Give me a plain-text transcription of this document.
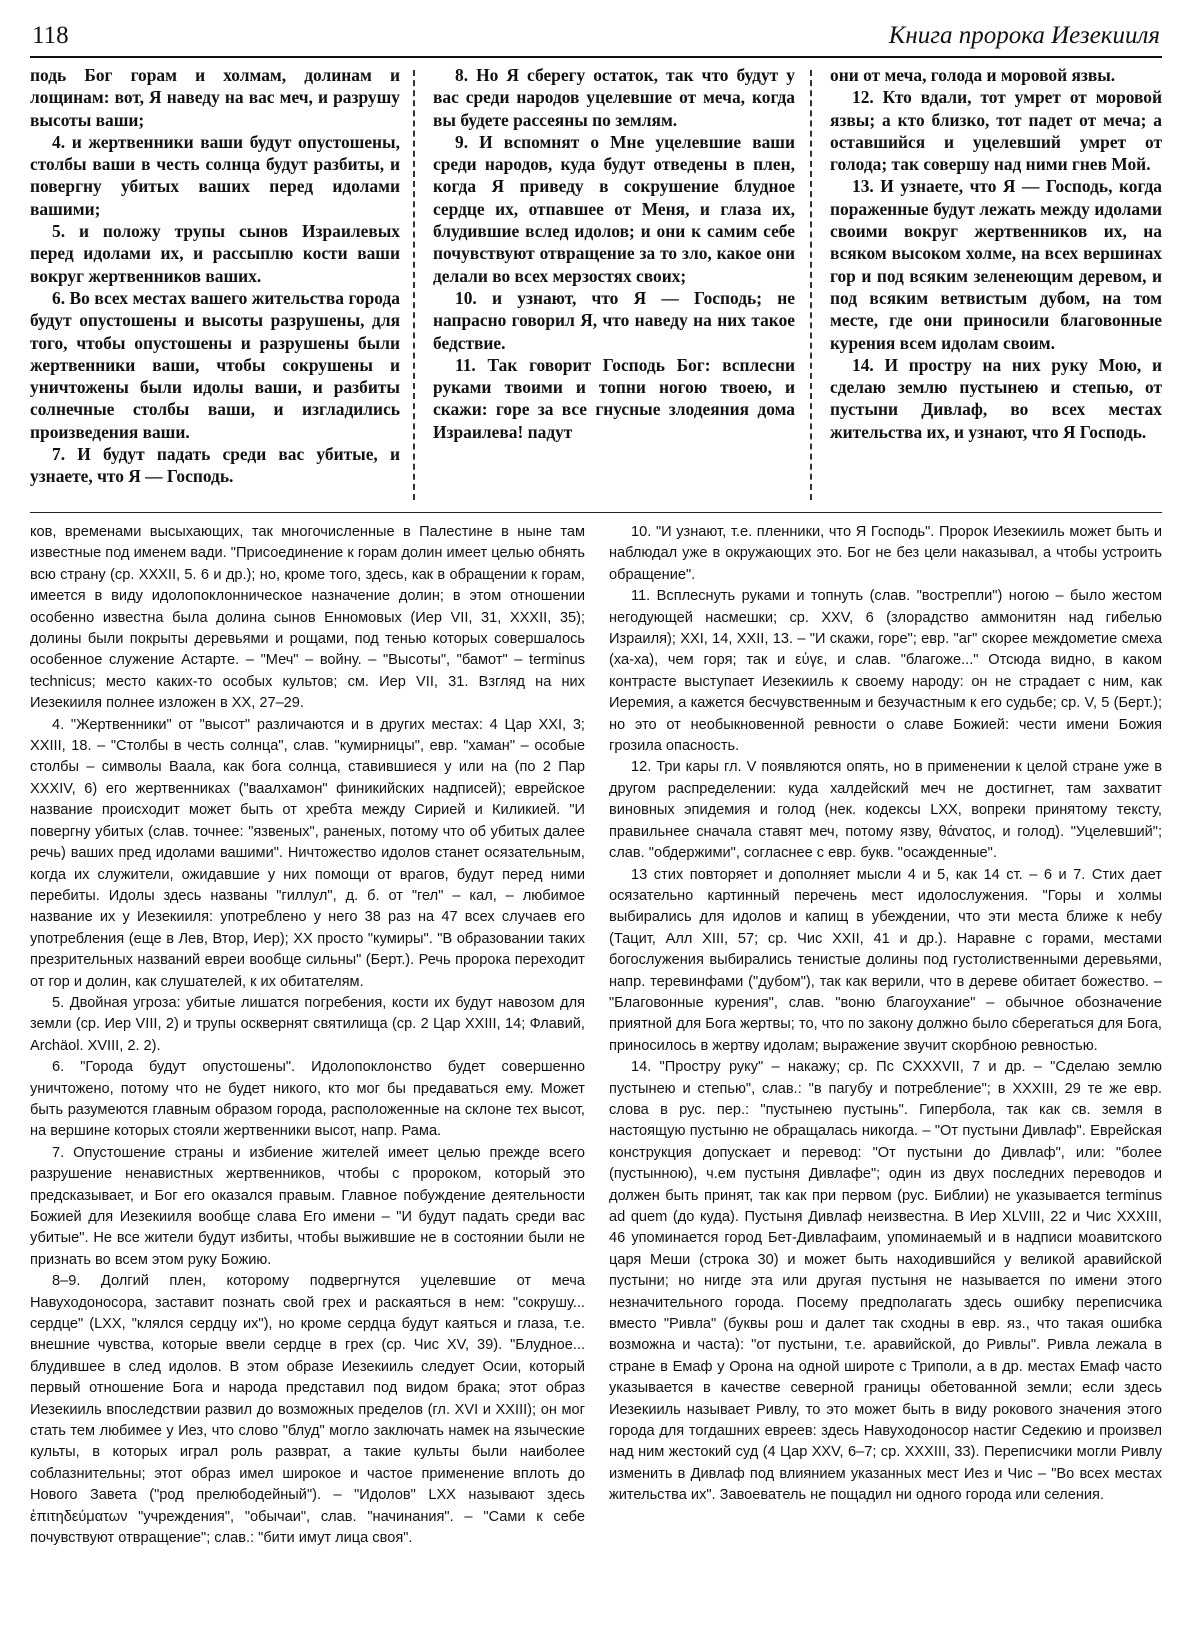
118	Книга пророка Иезекииля

подь Бог горам и холмам, долинам и лощинам: вот, Я наведу на вас меч, и разрушу высоты ваши;

4. и жертвенники ваши будут опустошены, столбы ваши в честь солнца будут разбиты, и повергну убитых ваших перед идолами вашими;

5. и положу трупы сынов Израилевых перед идолами их, и рассыплю кости ваши вокруг жертвенников ваших.

6. Во всех местах вашего жительства города будут опустошены и высоты разрушены, для того, чтобы опустошены и разрушены были жертвенники ваши, чтобы сокрушены и уничтожены были идолы ваши, и разбиты солнечные столбы ваши, и изгладились произведения ваши.

7. И будут падать среди вас убитые, и узнаете, что Я — Господь.

8. Но Я сберегу остаток, так что будут у вас среди народов уцелевшие от меча, когда вы будете рассеяны по землям.

9. И вспомнят о Мне уцелевшие ваши среди народов, куда будут отведены в плен, когда Я приведу в сокрушение блудное сердце их, отпавшее от Меня, и глаза их, блудившие вслед идолов; и они к самим себе почувствуют отвращение за то зло, какое они делали во всех мерзостях своих;

10. и узнают, что Я — Господь; не напрасно говорил Я, что наведу на них такое бедствие.

11. Так говорит Господь Бог: всплесни руками твоими и топни ногою твоею, и скажи: горе за все гнусные злодеяния дома Израилева! падут

они от меча, голода и моровой язвы.

12. Кто вдали, тот умрет от моровой язвы; а кто близко, тот падет от меча; а оставшийся и уцелевший умрет от голода; так совершу над ними гнев Мой.

13. И узнаете, что Я — Господь, когда пораженные будут лежать между идолами своими вокруг жертвенников их, на всяком высоком холме, на всех вершинах гор и под всяким зеленеющим деревом, и под всяким ветвистым дубом, на том месте, где они приносили благовонные курения всем идолам своим.

14. И простру на них руку Мою, и сделаю землю пустынею и степью, от пустыни Дивлаф, во всех местах жительства их, и узнают, что Я Господь.

ков, временами высыхающих, так многочисленные в Палестине в ныне там известные под именем вади. "Присоединение к горам долин имеет целью обнять всю страну (ср. XXXII, 5. 6 и др.); но, кроме того, здесь, как в обращении к горам, имеется в виду идолопоклонническое назначение долин; в этом отношении особенно известна была долина сынов Енномовых (Иер VII, 31, XXXII, 35); долины были покрыты деревьями и рощами, под тенью которых совершалось особенное служение Астарте. – "Меч" – войну. – "Высоты", "бамот" – terminus technicus; место каких-то особых культов; см. Иер VII, 31. Взгляд на них Иезекииля полнее изложен в XX, 27–29.

4. "Жертвенники" от "высот" различаются и в других местах: 4 Цар XXI, 3; XXIII, 18. – "Столбы в честь солнца", слав. "кумирницы", евр. "хаман" – особые столбы – символы Ваала, как бога солнца, ставившиеся у или на (по 2 Пар XXXIV, 6) его жертвенниках ("ваалхамон" финикийских надписей); еврейское название происходит может быть от хребта между Сирией и Киликией. "И повергну убитых (слав. точнее: "язвеных", раненых, потому что об убитых далее речь) ваших пред идолами вашими". Ничтожество идолов станет осязательным, когда их служители, ожидавшие у них помощи от врагов, будут перед ними перебиты. Идолы здесь названы "гиллул", д. б. от "гел" – кал, – любимое название их у Иезекииля: употреблено у него 38 раз на 47 всех случаев его употребления (еще в Лев, Втор, Иер); XX просто "кумиры". "В образовании таких презрительных названий евреи вообще сильны" (Берт.). Речь пророка переходит от гор и долин, как слушателей, к их обитателям.

5. Двойная угроза: убитые лишатся погребения, кости их будут навозом для земли (ср. Иер VIII, 2) и трупы осквернят святилища (ср. 2 Цар XXIII, 14; Флавий, Archäol. XVIII, 2. 2).

6. "Города будут опустошены". Идолопоклонство будет совершенно уничтожено, потому что не будет никого, кто мог бы предаваться ему. Может быть разумеются главным образом города, расположенные на склоне тех высот, на вершине которых стояли жертвенники высот, напр. Рама.

7. Опустошение страны и избиение жителей имеет целью прежде всего разрушение ненавистных жертвенников, чтобы с пророком, который это предсказывает, и Бог его оказался правым. Главное побуждение деятельности Божией для Иезекииля вообще слава Его имени – "И будут падать среди вас убитые". Не все жители будут избиты, чтобы выжившие не в состоянии были не признать во всем этом руку Божию.

8–9. Долгий плен, которому подвергнутся уцелевшие от меча Навуходоносора, заставит познать свой грех и раскаяться в нем: "сокрушу... сердце" (LXX, "клялся сердцу их"), но кроме сердца будут каяться и глаза, т.е. внешние чувства, которые ввели сердце в грех (ср. Чис XV, 39). "Блудное... блудившее в след идолов. В этом образе Иезекииль следует Осии, который первый отношение Бога и народа представил под видом брака; этот образ Иезекииль впоследствии развил до возможных пределов (гл. XVI и XXIII); он мог стать тем любимее у Иез, что слово "блуд" могло заключать намек на языческие культы, в которых играл роль разврат, а такие культы были наиболее соблазнительны; этот образ имел широкое и частое применение вплоть до Нового Завета ("род прелюбодейный"). – "Идолов" LXX называют здесь ἐπιτηδεύματων "учреждения", "обычаи", слав. "начинания". – "Сами к себе почувствуют отвращение"; слав.: "бити имут лица своя".

10. "И узнают, т.е. пленники, что Я Господь". Пророк Иезекииль может быть и наблюдал уже в окружающих это. Бог не без цели наказывал, а чтобы устроить обращение".

11. Всплеснуть руками и топнуть (слав. "вострепли") ногою – было жестом негодующей насмешки; ср. XXV, 6 (злорадство аммонитян над гибелью Израиля); XXI, 14, XXII, 13. – "И скажи, горе"; евр. "аг" скорее междометие смеха (ха-ха), чем горя; так и εὐγε, и слав. "благоже..." Отсюда видно, в каком контрасте выступает Иезекииль к своему народу: он не страдает с ним, как Иеремия, а кажется бесчувственным и безучастным к его судьбе; ср. V, 5 (Берт.); но это от необыкновенной ревности о славе Божией: чести имени Божия грозила опасность.

12. Три кары гл. V появляются опять, но в применении к целой стране уже в другом распределении: куда халдейский меч не достигнет, там захватит виновных эпидемия и голод (нек. кодексы LXX, вопреки принятому тексту, правильнее сначала ставят меч, потому язву, θάνατος, и голод). "Уцелевший"; слав. "обдержими", согласнее с евр. букв. "осажденные".

13 стих повторяет и дополняет мысли 4 и 5, как 14 ст. – 6 и 7. Стих дает осязательно картинный перечень мест идолослужения. "Горы и холмы выбирались для идолов и капищ в убеждении, что эти места ближе к небу (Тацит, Алл XIII, 57; ср. Чис XXII, 41 и др.). Наравне с горами, местами богослужения выбирались тенистые долины под густолиственными деревьями, напр. теревинфами ("дубом"), так как верили, что в дереве обитает божество. – "Благовонные курения", слав. "воню благоухание" – обычное обозначение приятной для Бога жертвы; то, что по закону должно было сберегаться для Бога, приносилось в жертву идолам; выражение звучит скорбною ревностью.

14. "Простру руку" – накажу; ср. Пс CXXXVII, 7 и др. – "Сделаю землю пустынею и степью", слав.: "в пагубу и потребление"; в XXXIII, 29 те же евр. слова в рус. пер.: "пустынею пустынь". Гипербола, так как св. земля в настоящую пустыню не обращалась никогда. – "От пустыни Дивлаф". Еврейская конструкция допускает и перевод: "От пустыни до Дивлаф", или: "более (пустынною), ч.ем пустыня Дивлафе"; один из двух последних переводов и должен быть принят, так как при первом (рус. Библии) не указывается terminus ad quem (до куда). Пустыня Дивлаф неизвестна. В Иер XLVIII, 22 и Чис XXXIII, 46 упоминается город Бет-Дивлафаим, упоминаемый и в надписи моавитского царя Меши (строка 30) и может быть находившийся у великой аравийской пустыни; но нигде эта или другая пустыня не называется по имени этого незначительного города. Посему предполагать здесь ошибку переписчика вместо "Ривла" (буквы рош и далет так сходны в евр. яз., что такая ошибка возможна и часта): "от пустыни, т.е. аравийской, до Ривлы". Ривла лежала в стране в Емаф у Орона на одной широте с Триполи, а в др. местах Емаф часто указывается в качестве северной границы обетованной земли; если здесь Иезекииль называет Ривлу, то это может быть в виду рокового значения этого города для тогдашних евреев: здесь Навуходоносор настиг Седекию и произвел над ним жестокий суд (4 Цар XXV, 6–7; ср. XXXIII, 33). Переписчики могли Ривлу изменить в Дивлаф под влиянием указанных мест Иез и Чис – "Во всех местах жительства их". Завоеватель не пощадил ни одного города или селения.
